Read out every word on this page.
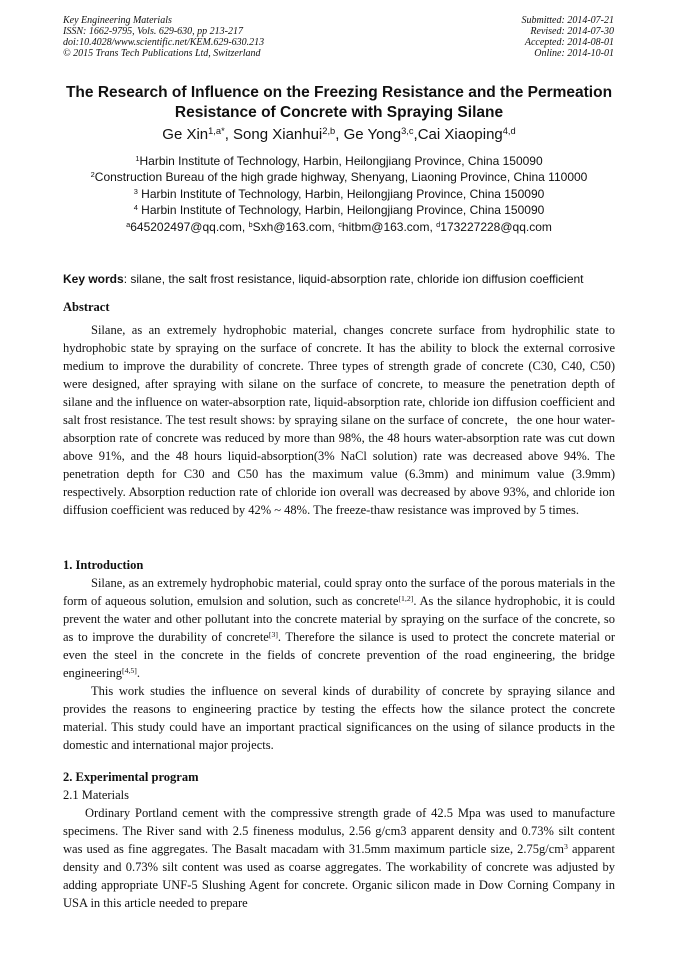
Key Engineering Materials
ISSN: 1662-9795, Vols. 629-630, pp 213-217
doi:10.4028/www.scientific.net/KEM.629-630.213
© 2015 Trans Tech Publications Ltd, Switzerland
Submitted: 2014-07-21
Revised: 2014-07-30
Accepted: 2014-08-01
Online: 2014-10-01
The Research of Influence on the Freezing Resistance and the Permeation Resistance of Concrete with Spraying Silane
Ge Xin$^{1,a*}$, Song Xianhui$^{2,b}$, Ge Yong$^{3,c}$,Cai Xiaoping$^{4,d}$
$^1$Harbin Institute of Technology, Harbin, Heilongjiang Province, China 150090
$^2$Construction Bureau of the high grade highway, Shenyang, Liaoning Province, China 110000
$^3$ Harbin Institute of Technology, Harbin, Heilongjiang Province, China 150090
$^4$ Harbin Institute of Technology, Harbin, Heilongjiang Province, China 150090
$^a$645202497@qq.com, $^b$Sxh@163.com, $^c$hitbm@163.com, $^d$173227228@qq.com
Key words: silane, the salt frost resistance, liquid-absorption rate, chloride ion diffusion coefficient
Abstract

Silane, as an extremely hydrophobic material, changes concrete surface from hydrophilic state to hydrophobic state by spraying on the surface of concrete. It has the ability to block the external corrosive medium to improve the durability of concrete. Three types of strength grade of concrete (C30, C40, C50) were designed, after spraying with silane on the surface of concrete, to measure the penetration depth of silane and the influence on water-absorption rate, liquid-absorption rate, chloride ion diffusion coefficient and salt frost resistance. The test result shows: by spraying silane on the surface of concrete，the one hour water-absorption rate of concrete was reduced by more than 98%, the 48 hours water-absorption rate was cut down above 91%, and the 48 hours liquid-absorption(3% NaCl solution) rate was decreased above 94%. The penetration depth for C30 and C50 has the maximum value (6.3mm) and minimum value (3.9mm) respectively. Absorption reduction rate of chloride ion overall was decreased by above 93%, and chloride ion diffusion coefficient was reduced by 42% ~ 48%. The freeze-thaw resistance was improved by 5 times.

1. Introduction

Silane, as an extremely hydrophobic material, could spray onto the surface of the porous materials in the form of aqueous solution, emulsion and solution, such as concrete[1,2]. As the silance hydrophobic, it is could prevent the water and other pollutant into the concrete material by spraying on the surface of the concrete, so as to improve the durability of concrete[3]. Therefore the silance is used to protect the concrete material or even the steel in the concrete in the fields of concrete prevention of the road engineering, the bridge engineering[4,5].

This work studies the influence on several kinds of durability of concrete by spraying silance and provides the reasons to engineering practice by testing the effects how the silance protect the concrete material. This study could have an important practical significances on the using of silance products in the domestic and international major projects.

2. Experimental program
2.1 Materials

Ordinary Portland cement with the compressive strength grade of 42.5 Mpa was used to manufacture specimens. The River sand with 2.5 fineness modulus, 2.56 g/cm3 apparent density and 0.73% silt content was used as fine aggregates. The Basalt macadam with 31.5mm maximum particle size, $2.75g/cm^3$ apparent density and 0.73% silt content was used as coarse aggregates. The workability of concrete was adjusted by adding appropriate UNF-5 Slushing Agent for concrete. Organic silicon made in Dow Corning Company in USA in this article needed to prepare
